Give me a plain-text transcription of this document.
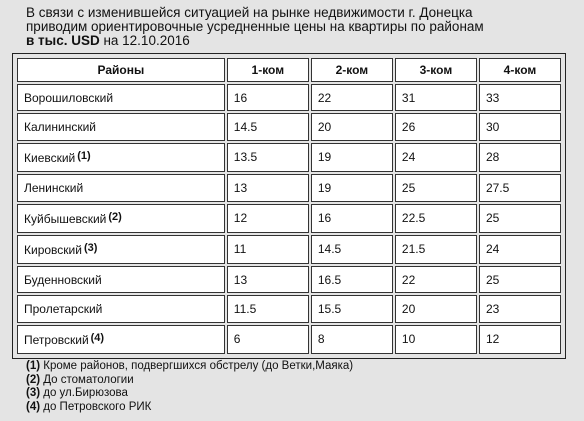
В связи с изменившейся ситуацией на рынке недвижимости г. Донецка
приводим ориентировочные усредненные цены на квартиры по районам
в тыс. USD на 12.10.2016
Районы	1-ком	2-ком	3-ком	4-ком
Ворошиловский	16	22	31	33
Калининский	14.5	20	26	30
Киевский (1)	13.5	19	24	28
Ленинский	13	19	25	27.5
Куйбышевский (2)	12	16	22.5	25
Кировский (3)	11	14.5	21.5	24
Буденновский	13	16.5	22	25
Пролетарский	11.5	15.5	20	23
Петровский (4)	6	8	10	12
(1) Кроме районов, подвергшихся обстрелу (до Ветки,Маяка)
(2) До стоматологии
(3) до ул.Бирюзова
(4) до Петровского РИК
